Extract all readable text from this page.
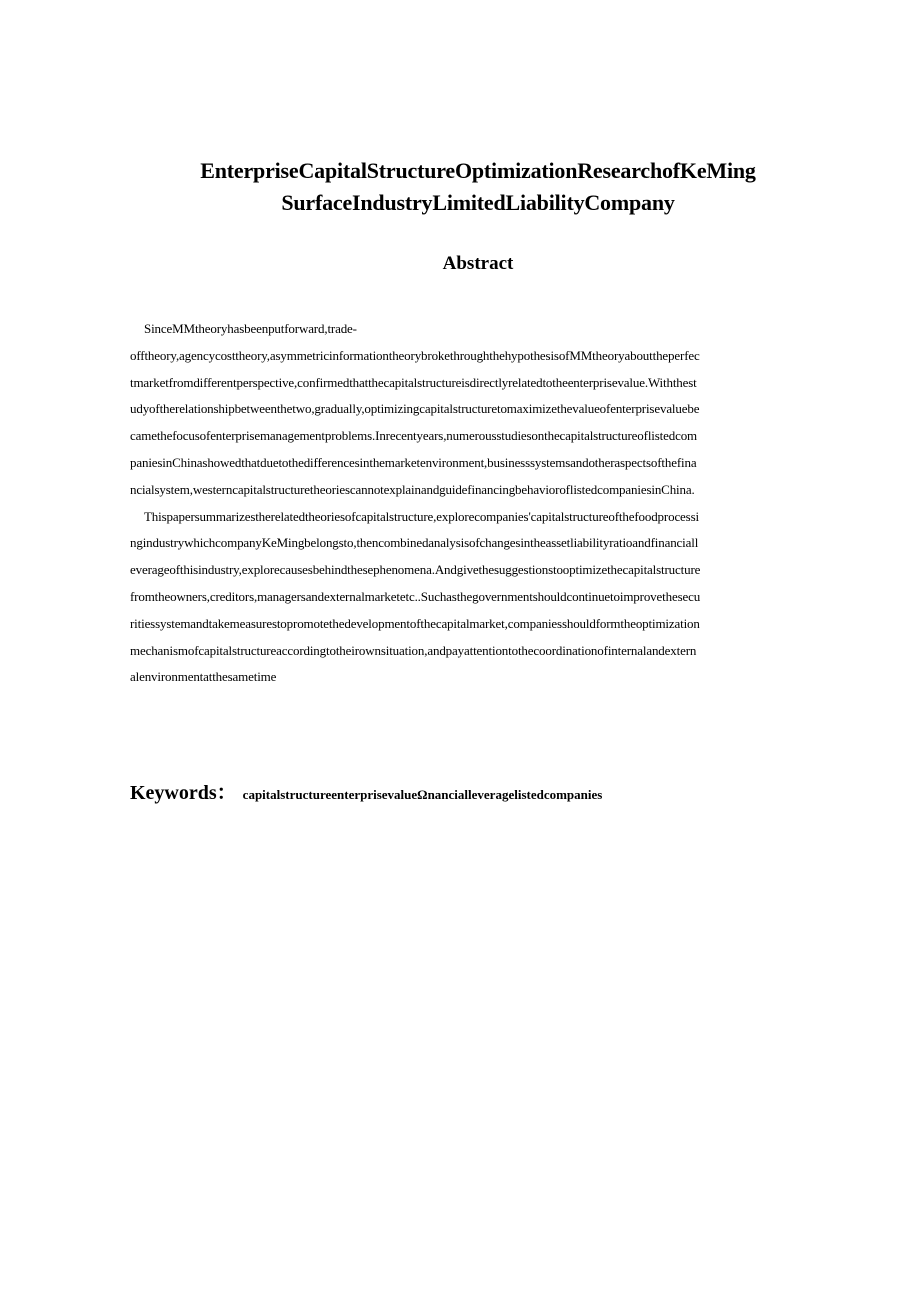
EnterpriseCapitalStructureOptimizationResearchofKeMing
SurfaceIndustryLimitedLiabilityCompany
Abstract
SinceMMtheoryhasbeenputforward,trade-
offtheory,agencycosttheory,asymmetricinformationtheorybrokethroughthehypothesisofMMtheoryabouttheperfec
tmarketfromdifferentperspective,confirmedthatthecapitalstructureisdirectlyrelatedtotheenterprisevalue.Withthest
udyoftherelationshipbetweenthetwo,gradually,optimizingcapitalstructuretomaximizethevalueofenterprisevaluebe
camethefocusofenterprisemanagementproblems.Inrecentyears,numerousstudiesonthecapitalstructureoflistedcom
paniesinChinashowedthatduetothedifferencesinthemarketenvironment,businesssystemsandotheraspectsofthefina
ncialsystem,westerncapitalstructuretheoriescannotexplainandguidefinancingbehavioroflistedcompaniesinChina.
Thispapersummarizestherelatedtheoriesofcapitalstructure,explorecompanies'capitalstructureofthefoodprocessi
ngindustrywhichcompanyKeMingbelongsto,thencombinedanalysisofchangesintheassetliabilityratioandfinanciall
everageofthisindustry,explorecausesbehindthesephenomena.Andgivethesuggestionstooptimizethecapitalstructure
fromtheowners,creditors,managersandexternalmarketetc..Suchasthegovernmentshouldcontinuetoimprovethesecu
ritiessystemandtakemeasurestopromotethedevelopmentofthecapitalmarket,companiesshouldformtheoptimization
mechanismofcapitalstructureaccordingtotheirownsituation,andpayattentiontothecoordinationofinternalandextern
alenvironmentatthesametime
Keywords： capitalstructureenterprisevalueΩnancialleveragelistedcompanies
